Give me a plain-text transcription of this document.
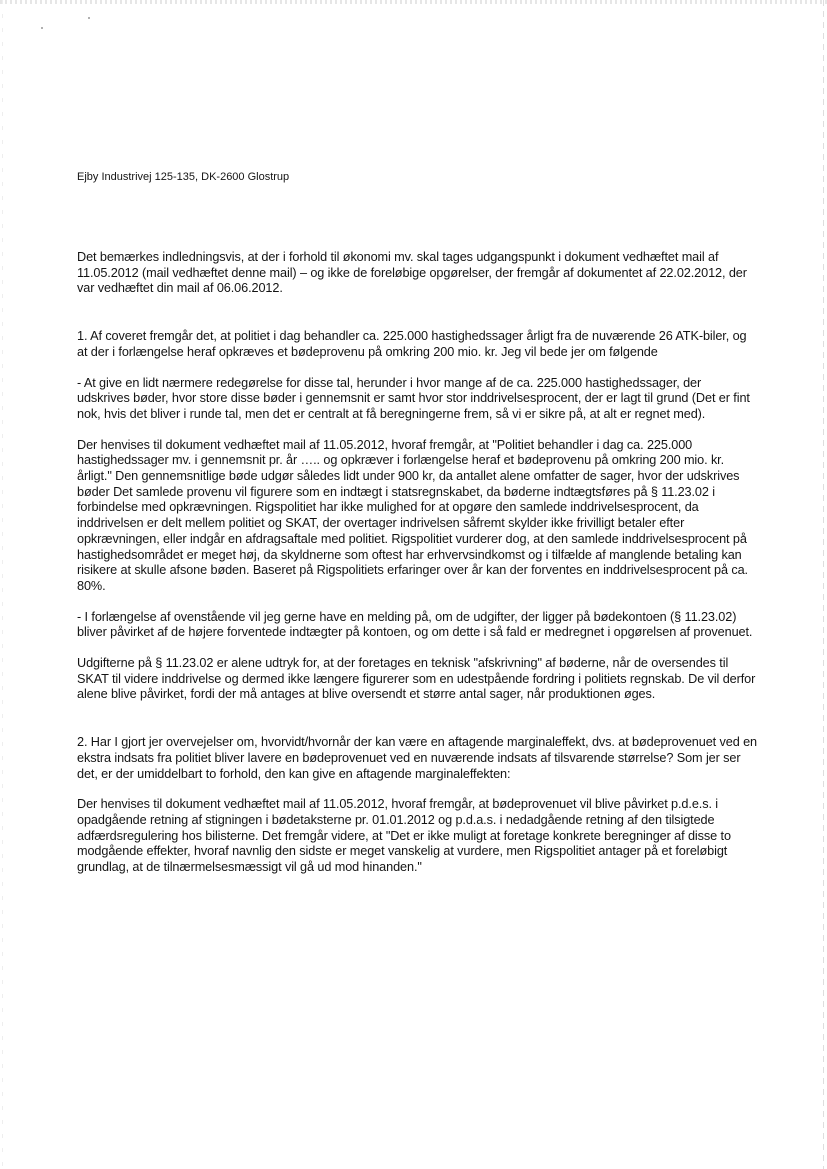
Ejby Industrivej 125-135, DK-2600 Glostrup

Det bemærkes indledningsvis, at der i forhold til økonomi mv. skal tages udgangspunkt i dokument vedhæftet mail af 11.05.2012 (mail vedhæftet denne mail) – og ikke de foreløbige opgørelser, der fremgår af dokumentet af 22.02.2012, der var vedhæftet din mail af 06.06.2012.

1. Af coveret fremgår det, at politiet i dag behandler ca. 225.000 hastighedssager årligt fra de nuværende 26 ATK-biler, og at der i forlængelse heraf opkræves et bødeprovenu på omkring 200 mio. kr. Jeg vil bede jer om følgende

- At give en lidt nærmere redegørelse for disse tal, herunder i hvor mange af de ca. 225.000 hastighedssager, der udskrives bøder, hvor store disse bøder i gennemsnit er samt hvor stor inddrivelsesprocent, der er lagt til grund (Det er fint nok, hvis det bliver i runde tal, men det er centralt at få beregningerne frem, så vi er sikre på, at alt er regnet med).

Der henvises til dokument vedhæftet mail af 11.05.2012, hvoraf fremgår, at "Politiet behandler i dag ca. 225.000 hastighedssager mv. i gennemsnit pr. år ….. og opkræver i forlængelse heraf et bødeprovenu på omkring 200 mio. kr. årligt." Den gennemsnitlige bøde udgør således lidt under 900 kr, da antallet alene omfatter de sager, hvor der udskrives bøder Det samlede provenu vil figurere som en indtægt i statsregnskabet, da bøderne indtægtsføres på § 11.23.02 i forbindelse med opkrævningen. Rigspolitiet har ikke mulighed for at opgøre den samlede inddrivelsesprocent, da inddrivelsen er delt mellem politiet og SKAT, der overtager indrivelsen såfremt skylder ikke frivilligt betaler efter opkrævningen, eller indgår en afdragsaftale med politiet. Rigspolitiet vurderer dog, at den samlede inddrivelsesprocent på hastighedsområdet er meget høj, da skyldnerne som oftest har erhvervsindkomst og i tilfælde af manglende betaling kan risikere at skulle afsone bøden. Baseret på Rigspolitiets erfaringer over år kan der forventes en inddrivelsesprocent på ca. 80%.

- I forlængelse af ovenstående vil jeg gerne have en melding på, om de udgifter, der ligger på bødekontoen (§ 11.23.02) bliver påvirket af de højere forventede indtægter på kontoen, og om dette i så fald er medregnet i opgørelsen af provenuet.

Udgifterne på § 11.23.02 er alene udtryk for, at der foretages en teknisk "afskrivning" af bøderne, når de oversendes til SKAT til videre inddrivelse og dermed ikke længere figurerer som en udestpående fordring i politiets regnskab. De vil derfor alene blive påvirket, fordi der må antages at blive oversendt et større antal sager, når produktionen øges.

2. Har I gjort jer overvejelser om, hvorvidt/hvornår der kan være en aftagende marginaleffekt, dvs. at bødeprovenuet ved en ekstra indsats fra politiet bliver lavere en bødeprovenuet ved en nuværende indsats af tilsvarende størrelse? Som jer ser det, er der umiddelbart to forhold, den kan give en aftagende marginaleffekten:

Der henvises til dokument vedhæftet mail af 11.05.2012, hvoraf fremgår, at bødeprovenuet vil blive påvirket p.d.e.s. i opadgående retning af stigningen i bødetaksterne pr. 01.01.2012 og p.d.a.s. i nedadgående retning af den tilsigtede adfærdsregulering hos bilisterne. Det fremgår videre, at "Det er ikke muligt at foretage konkrete beregninger af disse to modgående effekter, hvoraf navnlig den sidste er meget vanskelig at vurdere, men Rigspolitiet antager på et foreløbigt grundlag, at de tilnærmelsesmæssigt vil gå ud mod hinanden."
